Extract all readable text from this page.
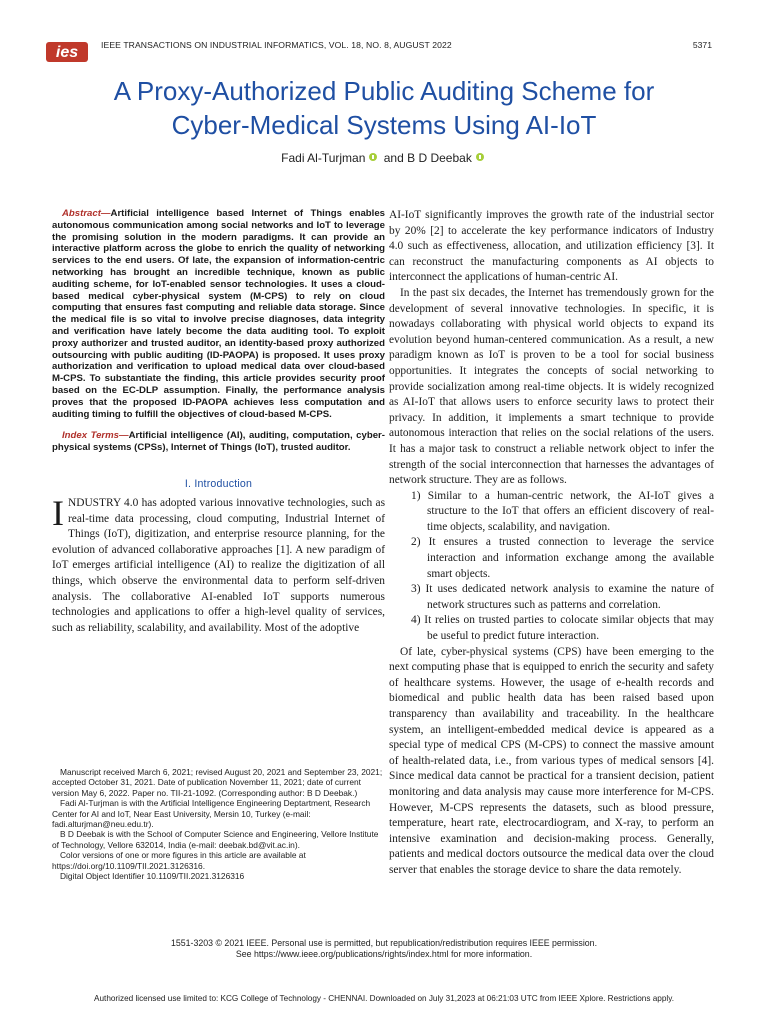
ies	IEEE TRANSACTIONS ON INDUSTRIAL INFORMATICS, VOL. 18, NO. 8, AUGUST 2022	5371
A Proxy-Authorized Public Auditing Scheme for
Cyber-Medical Systems Using AI-IoT
Fadi Al-Turjman and B D Deebak

Abstract—Artificial intelligence based Internet of Things enables autonomous communication among social networks and IoT to leverage the promising solution in the modern paradigms. It can provide an interactive platform across the globe to enrich the quality of networking services to the end users. Of late, the expansion of information-centric networking has brought an incredible technique, known as public auditing scheme, for IoT-enabled sensor technologies. It uses a cloud-based medical cyber-physical system (M-CPS) to rely on cloud computing that ensures fast computing and reliable data storage. Since the medical file is so vital to involve precise diagnoses, data integrity and verification have lately become the data auditing tool. To exploit proxy authorizer and trusted auditor, an identity-based proxy authorized outsourcing with public auditing (ID-PAOPA) is proposed. It uses proxy authorization and verification to upload medical data over cloud-based M-CPS. To substantiate the finding, this article provides security proof based on the EC-DLP assumption. Finally, the performance analysis proves that the proposed ID-PAOPA achieves less computation and auditing timing to fulfill the objectives of cloud-based M-CPS.

Index Terms—Artificial intelligence (AI), auditing, computation, cyber-physical systems (CPSs), Internet of Things (IoT), trusted auditor.

I. Introduction

INDUSTRY 4.0 has adopted various innovative technologies, such as real-time data processing, cloud computing, Industrial Internet of Things (IoT), digitization, and enterprise resource planning, for the evolution of advanced collaborative approaches [1]. A new paradigm of IoT emerges artificial intelligence (AI) to realize the digitization of all things, which observe the environmental data to perform self-driven analysis. The collaborative AI-enabled IoT supports numerous technologies and applications to offer a high-level quality of services, such as reliability, scalability, and availability. Most of the adoptive

Manuscript received March 6, 2021; revised August 20, 2021 and September 23, 2021; accepted October 31, 2021. Date of publication November 11, 2021; date of current version May 6, 2022. Paper no. TII-21-1092. (Corresponding author: B D Deebak.)

Fadi Al-Turjman is with the Artificial Intelligence Engineering Deptartment, Research Center for AI and IoT, Near East University, Mersin 10, Turkey (e-mail: fadi.alturjman@neu.edu.tr).

B D Deebak is with the School of Computer Science and Engineering, Vellore Institute of Technology, Vellore 632014, India (e-mail: deebak.bd@vit.ac.in).

Color versions of one or more figures in this article are available at https://doi.org/10.1109/TII.2021.3126316.

Digital Object Identifier 10.1109/TII.2021.3126316

AI-IoT significantly improves the growth rate of the industrial sector by 20% [2] to accelerate the key performance indicators of Industry 4.0 such as effectiveness, allocation, and utilization efficiency [3]. It can reconstruct the manufacturing components as AI objects to interconnect the applications of human-centric AI.

In the past six decades, the Internet has tremendously grown for the development of several innovative technologies. In specific, it is nowadays collaborating with physical world objects to expand its evolution beyond human-centered communication. As a result, a new paradigm known as IoT is proven to be a tool for social business opportunities. It integrates the concepts of social networking to provide socialization among real-time objects. It is widely recognized as AI-IoT that allows users to enforce security laws to protect their privacy. In addition, it implements a smart technique to provide autonomous interaction that relies on the social relations of the users. It has a major task to construct a reliable network object to infer the strength of the social interconnection that harnesses the advantages of network structure. They are as follows.

1) Similar to a human-centric network, the AI-IoT gives a structure to the IoT that offers an efficient discovery of real-time objects, scalability, and navigation.
2) It ensures a trusted connection to leverage the service interaction and information exchange among the available smart objects.
3) It uses dedicated network analysis to examine the nature of network structures such as patterns and correlation.
4) It relies on trusted parties to colocate similar objects that may be useful to predict future interaction.

Of late, cyber-physical systems (CPS) have been emerging to the next computing phase that is equipped to enrich the security and safety of healthcare systems. However, the usage of e-health records and biomedical and public health data has been raised based upon transparency than availability and traceability. In the healthcare system, an intelligent-embedded medical device is appeared as a special type of medical CPS (M-CPS) to connect the massive amount of health-related data, i.e., from various types of medical sensors [4]. Since medical data cannot be practical for a transient decision, patient monitoring and data analysis may cause more interference for M-CPS. However, M-CPS represents the datasets, such as blood pressure, temperature, heart rate, electrocardiogram, and X-ray, to perform an intensive examination and decision-making process. Generally, patients and medical doctors outsource the medical data over the cloud server that enables the storage device to share the data remotely.

1551-3203 © 2021 IEEE. Personal use is permitted, but republication/redistribution requires IEEE permission.
See https://www.ieee.org/publications/rights/index.html for more information.
Authorized licensed use limited to: KCG College of Technology - CHENNAI. Downloaded on July 31,2023 at 06:21:03 UTC from IEEE Xplore. Restrictions apply.
